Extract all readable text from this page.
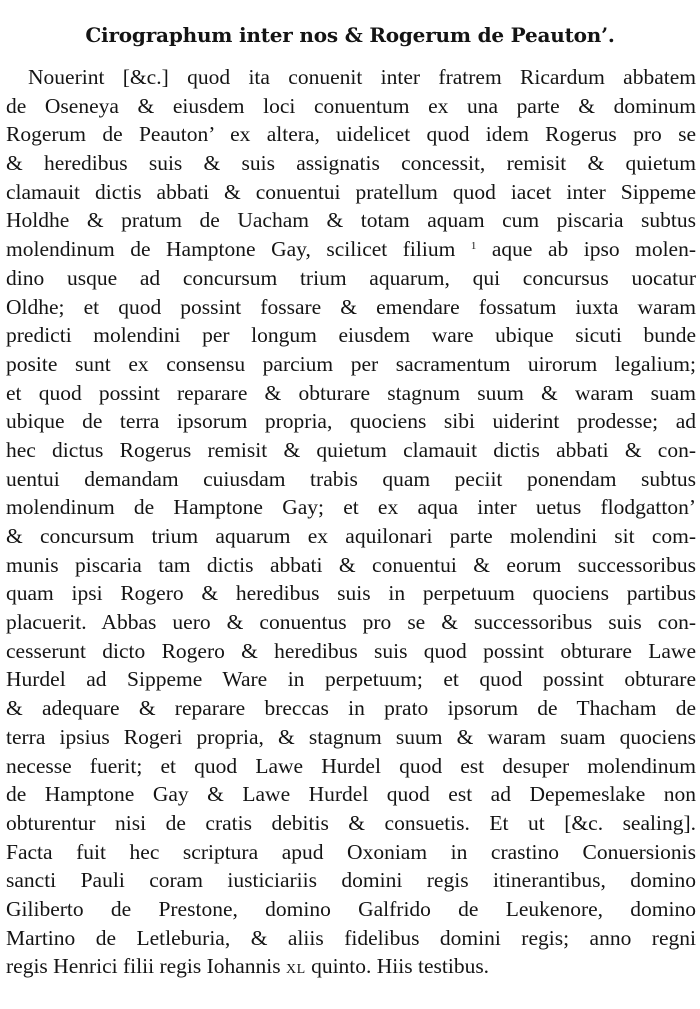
Cirographum inter nos & Rogerum de Peauton’.
Nouerint [&c.] quod ita conuenit inter fratrem Ricardum abbatem
de Oseneya & eiusdem loci conuentum ex una parte & dominum
Rogerum de Peauton’ ex altera, uidelicet quod idem Rogerus pro se
& heredibus suis & suis assignatis concessit, remisit & quietum
clamauit dictis abbati & conuentui pratellum quod iacet inter Sippeme
Holdhe & pratum de Uacham & totam aquam cum piscaria subtus
molendinum de Hamptone Gay, scilicet filium $^1$ aque ab ipso molen-
dino usque ad concursum trium aquarum, qui concursus uocatur
Oldhe; et quod possint fossare & emendare fossatum iuxta waram
predicti molendini per longum eiusdem ware ubique sicuti bunde
posite sunt ex consensu parcium per sacramentum uirorum legalium;
et quod possint reparare & obturare stagnum suum & waram suam
ubique de terra ipsorum propria, quociens sibi uiderint prodesse; ad
hec dictus Rogerus remisit & quietum clamauit dictis abbati & con-
uentui demandam cuiusdam trabis quam peciit ponendam subtus
molendinum de Hamptone Gay; et ex aqua inter uetus flodgatton’
& concursum trium aquarum ex aquilonari parte molendini sit com-
munis piscaria tam dictis abbati & conuentui & eorum successoribus
quam ipsi Rogero & heredibus suis in perpetuum quociens partibus
placuerit. Abbas uero & conuentus pro se & successoribus suis con-
cesserunt dicto Rogero & heredibus suis quod possint obturare Lawe
Hurdel ad Sippeme Ware in perpetuum; et quod possint obturare
& adequare & reparare breccas in prato ipsorum de Thacham de
terra ipsius Rogeri propria, & stagnum suum & waram suam quociens
necesse fuerit; et quod Lawe Hurdel quod est desuper molendinum
de Hamptone Gay & Lawe Hurdel quod est ad Depemeslake non
obturentur nisi de cratis debitis & consuetis. Et ut [&c. sealing].
Facta fuit hec scriptura apud Oxoniam in crastino Conuersionis
sancti Pauli coram iusticiariis domini regis itinerantibus, domino
Giliberto de Prestone, domino Galfrido de Leukenore, domino
Martino de Letleburia, & aliis fidelibus domini regis; anno regni
regis Henrici filii regis Iohannis XL quinto. Hiis testibus.
